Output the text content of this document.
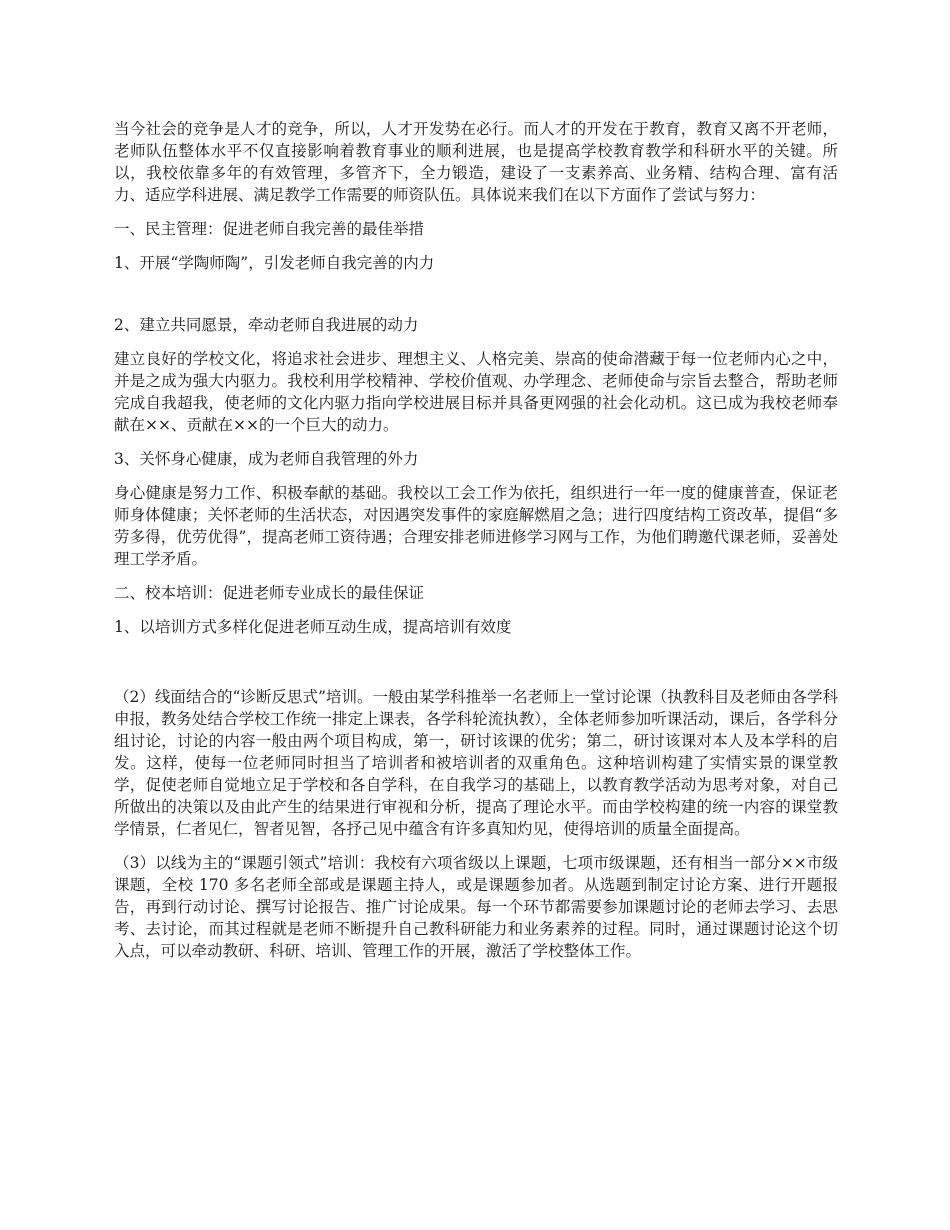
当今社会的竞争是人才的竞争，所以，人才开发势在必行。而人才的开发在于教育，教育又离不开老师，老师队伍整体水平不仅直接影响着教育事业的顺利进展，也是提高学校教育教学和科研水平的关键。所以，我校依靠多年的有效管理，多管齐下，全力锻造，建设了一支素养高、业务精、结构合理、富有活力、适应学科进展、满足教学工作需要的师资队伍。具体说来我们在以下方面作了尝试与努力：

一、民主管理：促进老师自我完善的最佳举措

1、开展“学陶师陶”，引发老师自我完善的内力

2、建立共同愿景，牵动老师自我进展的动力

建立良好的学校文化，将追求社会进步、理想主义、人格完美、崇高的使命潜藏于每一位老师内心之中，并是之成为强大内驱力。我校利用学校精神、学校价值观、办学理念、老师使命与宗旨去整合，帮助老师完成自我超我，使老师的文化内驱力指向学校进展目标并具备更网强的社会化动机。这已成为我校老师奉献在××、贡献在××的一个巨大的动力。

3、关怀身心健康，成为老师自我管理的外力

身心健康是努力工作、积极奉献的基础。我校以工会工作为依托，组织进行一年一度的健康普查，保证老师身体健康；关怀老师的生活状态，对因遇突发事件的家庭解燃眉之急；进行四度结构工资改革，提倡“多劳多得，优劳优得”，提高老师工资待遇；合理安排老师进修学习网与工作，为他们聘邀代课老师，妥善处理工学矛盾。

二、校本培训：促进老师专业成长的最佳保证

1、以培训方式多样化促进老师互动生成，提高培训有效度

（2）线面结合的“诊断反思式”培训。一般由某学科推举一名老师上一堂讨论课（执教科目及老师由各学科申报，教务处结合学校工作统一排定上课表，各学科轮流执教），全体老师参加听课活动，课后，各学科分组讨论，讨论的内容一般由两个项目构成，第一，研讨该课的优劣；第二，研讨该课对本人及本学科的启发。这样，使每一位老师同时担当了培训者和被培训者的双重角色。这种培训构建了实情实景的课堂教学，促使老师自觉地立足于学校和各自学科，在自我学习的基础上，以教育教学活动为思考对象，对自己所做出的决策以及由此产生的结果进行审视和分析，提高了理论水平。而由学校构建的统一内容的课堂教学情景，仁者见仁，智者见智，各抒己见中蕴含有许多真知灼见，使得培训的质量全面提高。

（3）以线为主的“课题引领式”培训：我校有六项省级以上课题，七项市级课题，还有相当一部分××市级课题，全校 170 多名老师全部或是课题主持人，或是课题参加者。从选题到制定讨论方案、进行开题报告，再到行动讨论、撰写讨论报告、推广讨论成果。每一个环节都需要参加课题讨论的老师去学习、去思考、去讨论，而其过程就是老师不断提升自己教科研能力和业务素养的过程。同时，通过课题讨论这个切入点，可以牵动教研、科研、培训、管理工作的开展，激活了学校整体工作。
